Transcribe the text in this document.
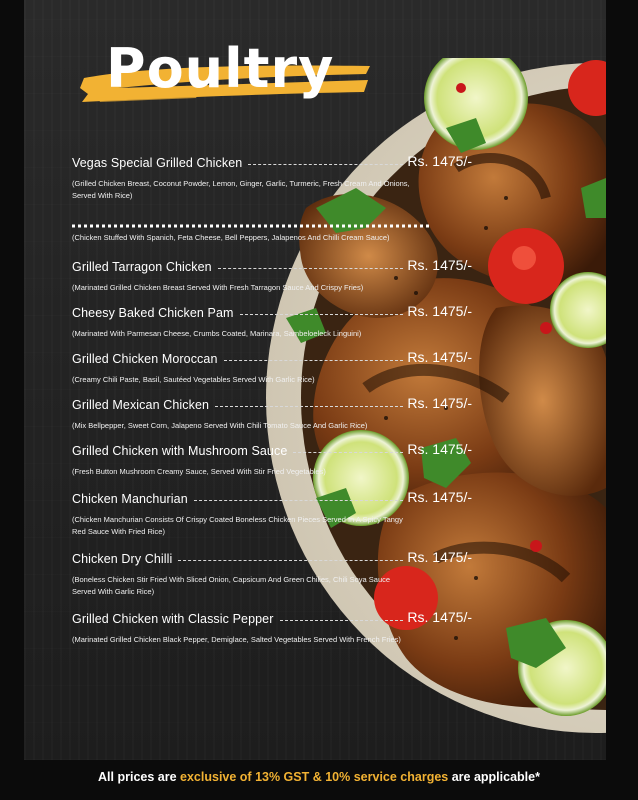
Poultry
Vegas Special Grilled Chicken	Rs. 1475/-
(Grilled Chicken Breast, Coconut Powder, Lemon, Ginger, Garlic, Turmeric, Fresh Cream And Onions, Served With Rice)
(Chicken Stuffed With Spanich, Feta Cheese, Bell Peppers, Jalapenos And Chilli Cream Sauce)
Grilled Tarragon Chicken	Rs. 1475/-
(Marinated Grilled Chicken Breast Served With Fresh Tarragon Sauce And Crispy Fries)
Cheesy Baked Chicken Pam	Rs. 1475/-
(Marinated With Parmesan Cheese, Crumbs Coated, Marinara, Sambeloeleck Linguini)
Grilled Chicken Moroccan	Rs. 1475/-
(Creamy Chili Paste, Basil, Sautéed Vegetables Served With Garlic Rice)
Grilled Mexican Chicken	Rs. 1475/-
(Mix Bellpepper, Sweet Corn, Jalapeno Served With Chili Tomato Sauce And Garlic Rice)
Grilled Chicken with Mushroom Sauce	Rs. 1475/-
(Fresh Button Mushroom Creamy Sauce, Served With Stir Fried Vegetables)
Chicken Manchurian	Rs. 1475/-
(Chicken Manchurian Consists Of Crispy Coated Boneless Chicken Pieces Served In A Spicy Tangy Red Sauce With Fried Rice)
Chicken Dry Chilli	Rs. 1475/-
(Boneless Chicken Stir Fried With Sliced Onion, Capsicum And Green Chilies, Chili Soya Sauce Served With Garlic Rice)
Grilled Chicken with Classic Pepper	Rs. 1475/-
(Marinated Grilled Chicken Black Pepper, Demiglace, Salted Vegetables Served With French Fries)

All prices are exclusive of 13% GST & 10% service charges are applicable*
